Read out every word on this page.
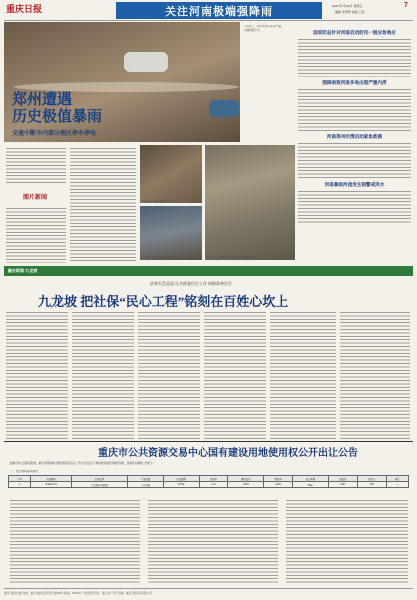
重庆日报	关注河南极端强降雨	2021年7月23日 星期五
编辑 李舒舒 美编 王某
7
郑州遭遇
历史极值暴雨
交通中断市内部分地区停水停电
7月20日，郑州市街头积水严重，车辆被困水中。
图片新闻
7月20日，郑州市民涉水前行。
7月21日，救援人员转移被困群众。	7月21日，消防救援人员在郑州市转移被困群众。
国家防总针对河南启动防汛一级应急响应
强降雨致河南多地出现严重内涝
河南郑州汛情启动紧急救援
河南暴雨河流发生超警戒洪水
融合新闻·九龙坡
改善生活品质 扎实推进民生工作 保障改善民生
九龙坡 把社保“民心工程”铭刻在百姓心坎上
重庆市公共资源交易中心国有建设用地使用权公开出让公告
经重庆市人民政府批准，重庆市规划和自然资源局决定以公开方式出让以下地块国有建设用地使用权，现将有关事项公告如下：
一、出让地块基本情况
序号	宗地编号	宗地位置	土地用途	出让面积	容积率	建筑密度	绿地率	出让年限	起始价	保证金	备注
1	JL2021-01	九龙坡区西彭镇	工业用地	27511	≥1.0	≥40%	≤20%	50年	1327	265	—
重庆日报社出版 地址：重庆市渝北区同茂大道416号 邮编：401120 广告经营许可证：渝工商广字号 印刷：重庆日报印务有限公司
